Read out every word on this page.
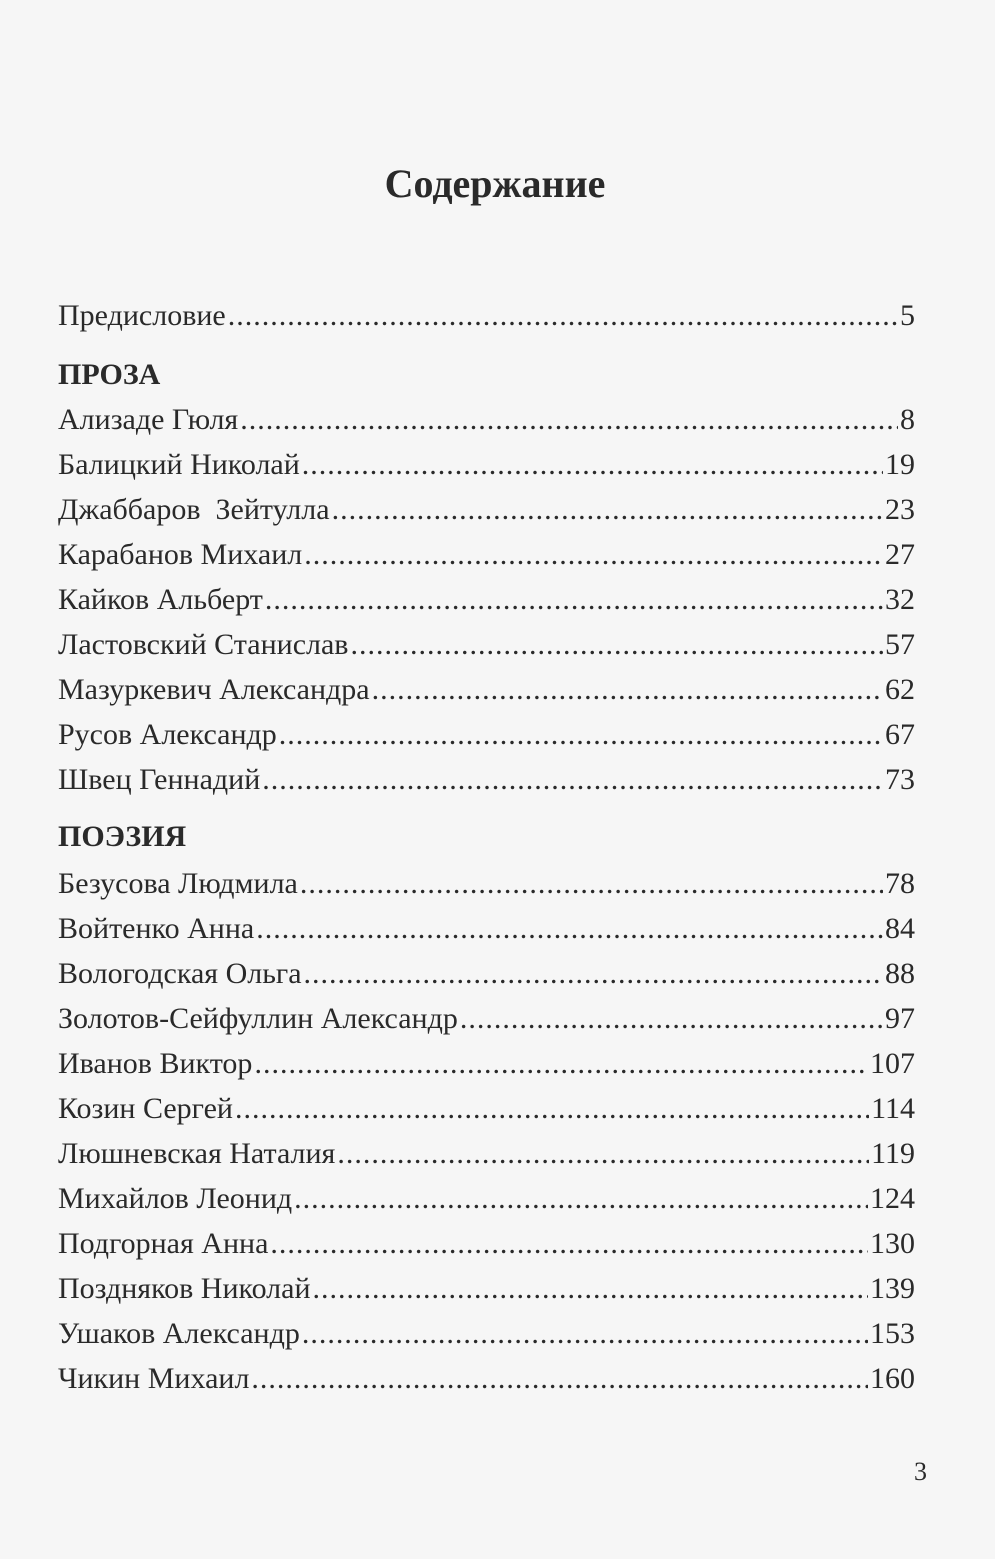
Содержание
Предисловие .....	5
ПРОЗА
Ализаде Гюля .....	8
Балицкий Николай .....	19
Джаббаров  Зейтулла .....	23
Карабанов Михаил .....	27
Кайков Альберт .....	32
Ластовский Станислав .....	57
Мазуркевич Александра .....	62
Русов Александр .....	67
Швец Геннадий .....	73
ПОЭЗИЯ
Безусова Людмила .....	78
Войтенко Анна .....	84
Вологодская Ольга .....	88
Золотов-Сейфуллин Александр .....	97
Иванов Виктор .....	107
Козин Сергей .....	114
Люшневская Наталия .....	119
Михайлов Леонид .....	124
Подгорная Анна .....	130
Поздняков Николай .....	139
Ушаков Александр .....	153
Чикин Михаил .....	160
3
